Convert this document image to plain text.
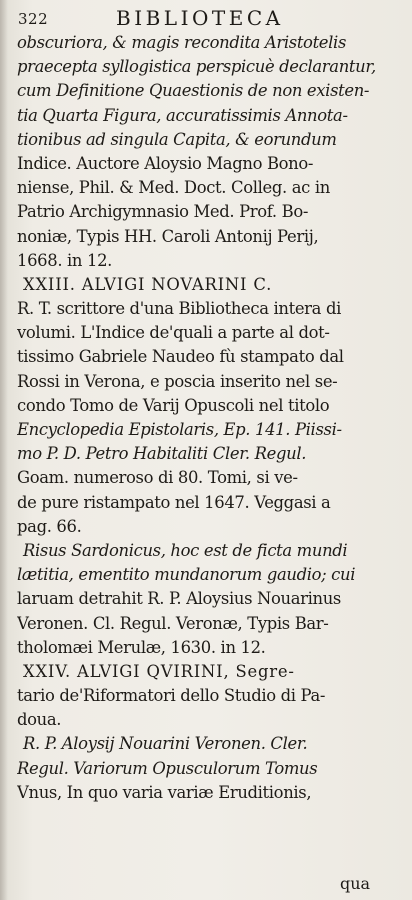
322	BIBLIOTECA
obscuriora, & magis recondita Aristotelis
praecepta syllogistica perspicuè declarantur,
cum Definitione Quaestionis de non existen-
tia Quarta Figura, accuratissimis Annota-
tionibus ad singula Capita, & eorundum
Indice. Auctore Aloysio Magno Bono-
niense, Phil. & Med. Doct. Colleg. ac in
Patrio Archigymnasio Med. Prof. Bo-
noniæ, Typis HH. Caroli Antonij Perij,
1668. in 12.
XXIII. ALVIGI NOVARINI C.
R. T. scrittore d'una Bibliotheca intera di
volumi. L'Indice de'quali a parte al dot-
tissimo Gabriele Naudeo fù stampato dal
Rossi in Verona, e poscia inserito nel se-
condo Tomo de Varij Opuscoli nel titolo
Encyclopedia Epistolaris, Ep. 141. Piissi-
mo P. D. Petro Habitaliti Cler. Regul.
Goam. numeroso di 80. Tomi, si ve-
de pure ristampato nel 1647. Veggasi a
pag. 66.
Risus Sardonicus, hoc est de ficta mundi
lætitia, ementito mundanorum gaudio; cui
laruam detrahit R. P. Aloysius Nouarinus
Veronen. Cl. Regul. Veronæ, Typis Bar-
tholomæi Merulæ, 1630. in 12.
XXIV. ALVIGI QVIRINI, Segre-
tario de'Riformatori dello Studio di Pa-
doua.
R. P. Aloysij Nouarini Veronen. Cler.
Regul. Variorum Opusculorum Tomus
Vnus, In quo varia variæ Eruditionis,
qua
